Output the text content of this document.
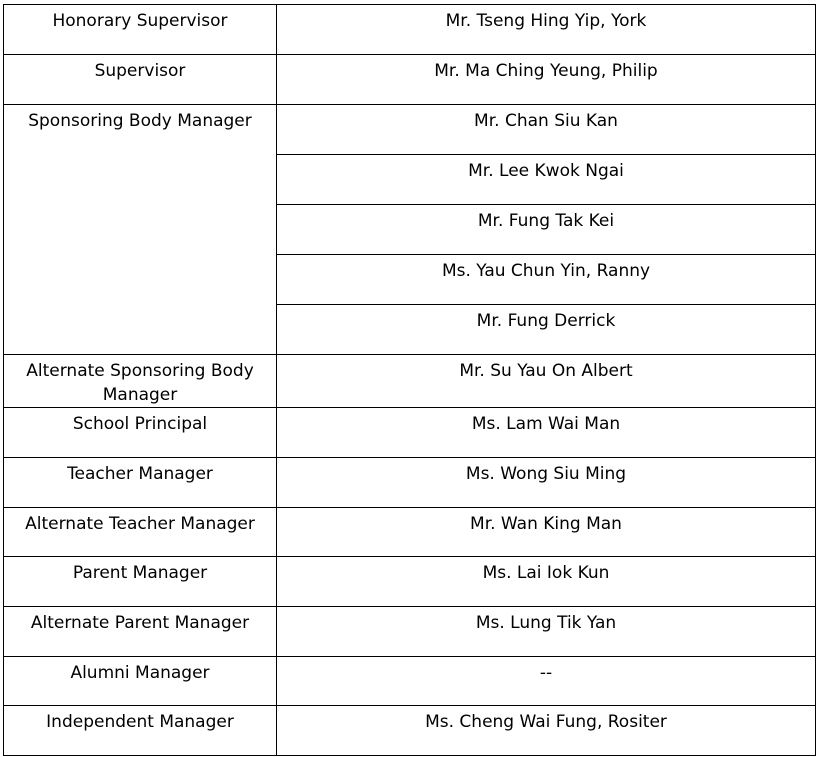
Honorary Supervisor	Mr. Tseng Hing Yip, York
Supervisor	Mr. Ma Ching Yeung, Philip
Sponsoring Body Manager	Mr. Chan Siu Kan
	Mr. Lee Kwok Ngai
	Mr. Fung Tak Kei
	Ms. Yau Chun Yin, Ranny
	Mr. Fung Derrick
Alternate Sponsoring Body Manager	Mr. Su Yau On Albert
School Principal	Ms. Lam Wai Man
Teacher Manager	Ms. Wong Siu Ming
Alternate Teacher Manager	Mr. Wan King Man
Parent Manager	Ms. Lai Iok Kun
Alternate Parent Manager	Ms. Lung Tik Yan
Alumni Manager	--
Independent Manager	Ms. Cheng Wai Fung, Rositer
